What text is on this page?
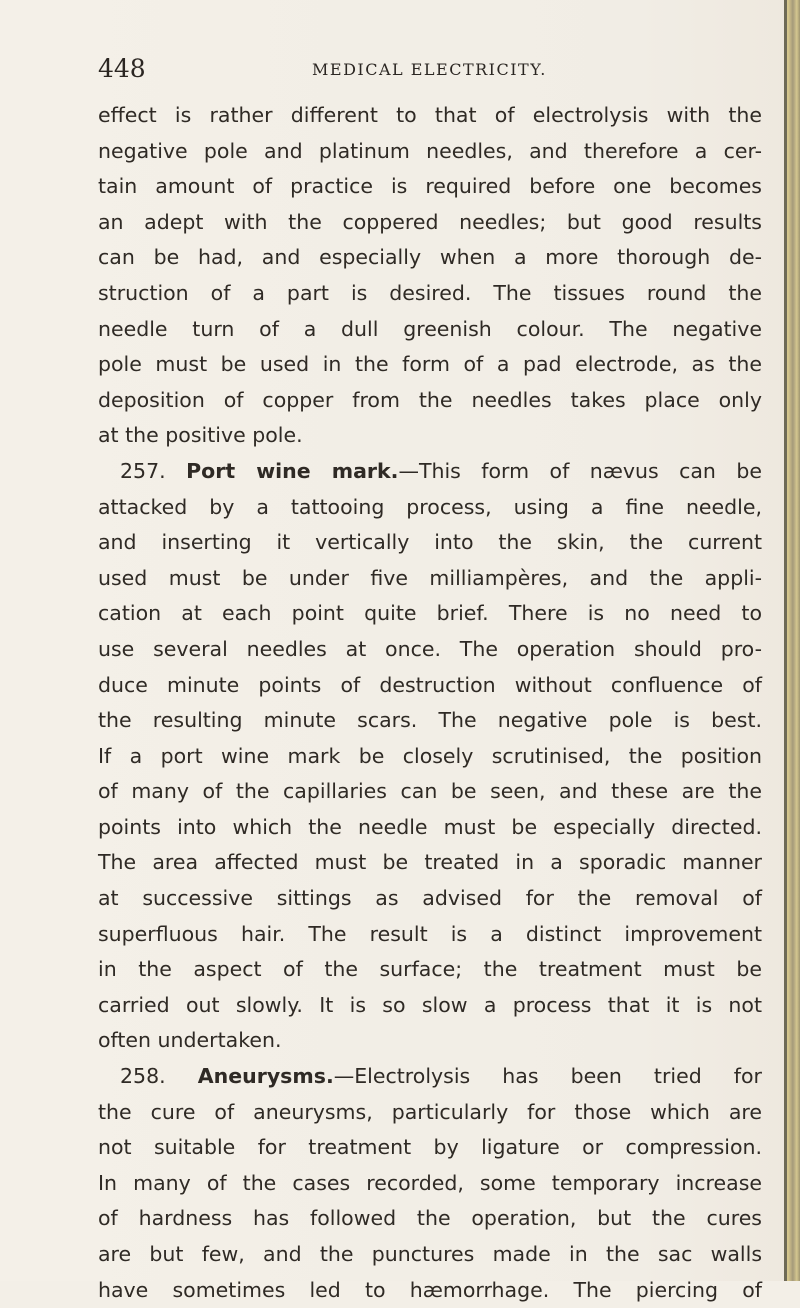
448	MEDICAL ELECTRICITY.
effect is rather different to that of electrolysis with the
negative pole and platinum needles, and therefore a cer-
tain amount of practice is required before one becomes
an adept with the coppered needles; but good results
can be had, and especially when a more thorough de-
struction of a part is desired. The tissues round the
needle turn of a dull greenish colour. The negative
pole must be used in the form of a pad electrode, as the
deposition of copper from the needles takes place only
at the positive pole.
257. Port wine mark.—This form of nævus can be
attacked by a tattooing process, using a fine needle,
and inserting it vertically into the skin, the current
used must be under five milliampères, and the appli-
cation at each point quite brief. There is no need to
use several needles at once. The operation should pro-
duce minute points of destruction without confluence of
the resulting minute scars. The negative pole is best.
If a port wine mark be closely scrutinised, the position
of many of the capillaries can be seen, and these are the
points into which the needle must be especially directed.
The area affected must be treated in a sporadic manner
at successive sittings as advised for the removal of
superfluous hair. The result is a distinct improvement
in the aspect of the surface; the treatment must be
carried out slowly. It is so slow a process that it is not
often undertaken.
258. Aneurysms.—Electrolysis has been tried for
the cure of aneurysms, particularly for those which are
not suitable for treatment by ligature or compression.
In many of the cases recorded, some temporary increase
of hardness has followed the operation, but the cures
are but few, and the punctures made in the sac walls
have sometimes led to hæmorrhage. The piercing of
